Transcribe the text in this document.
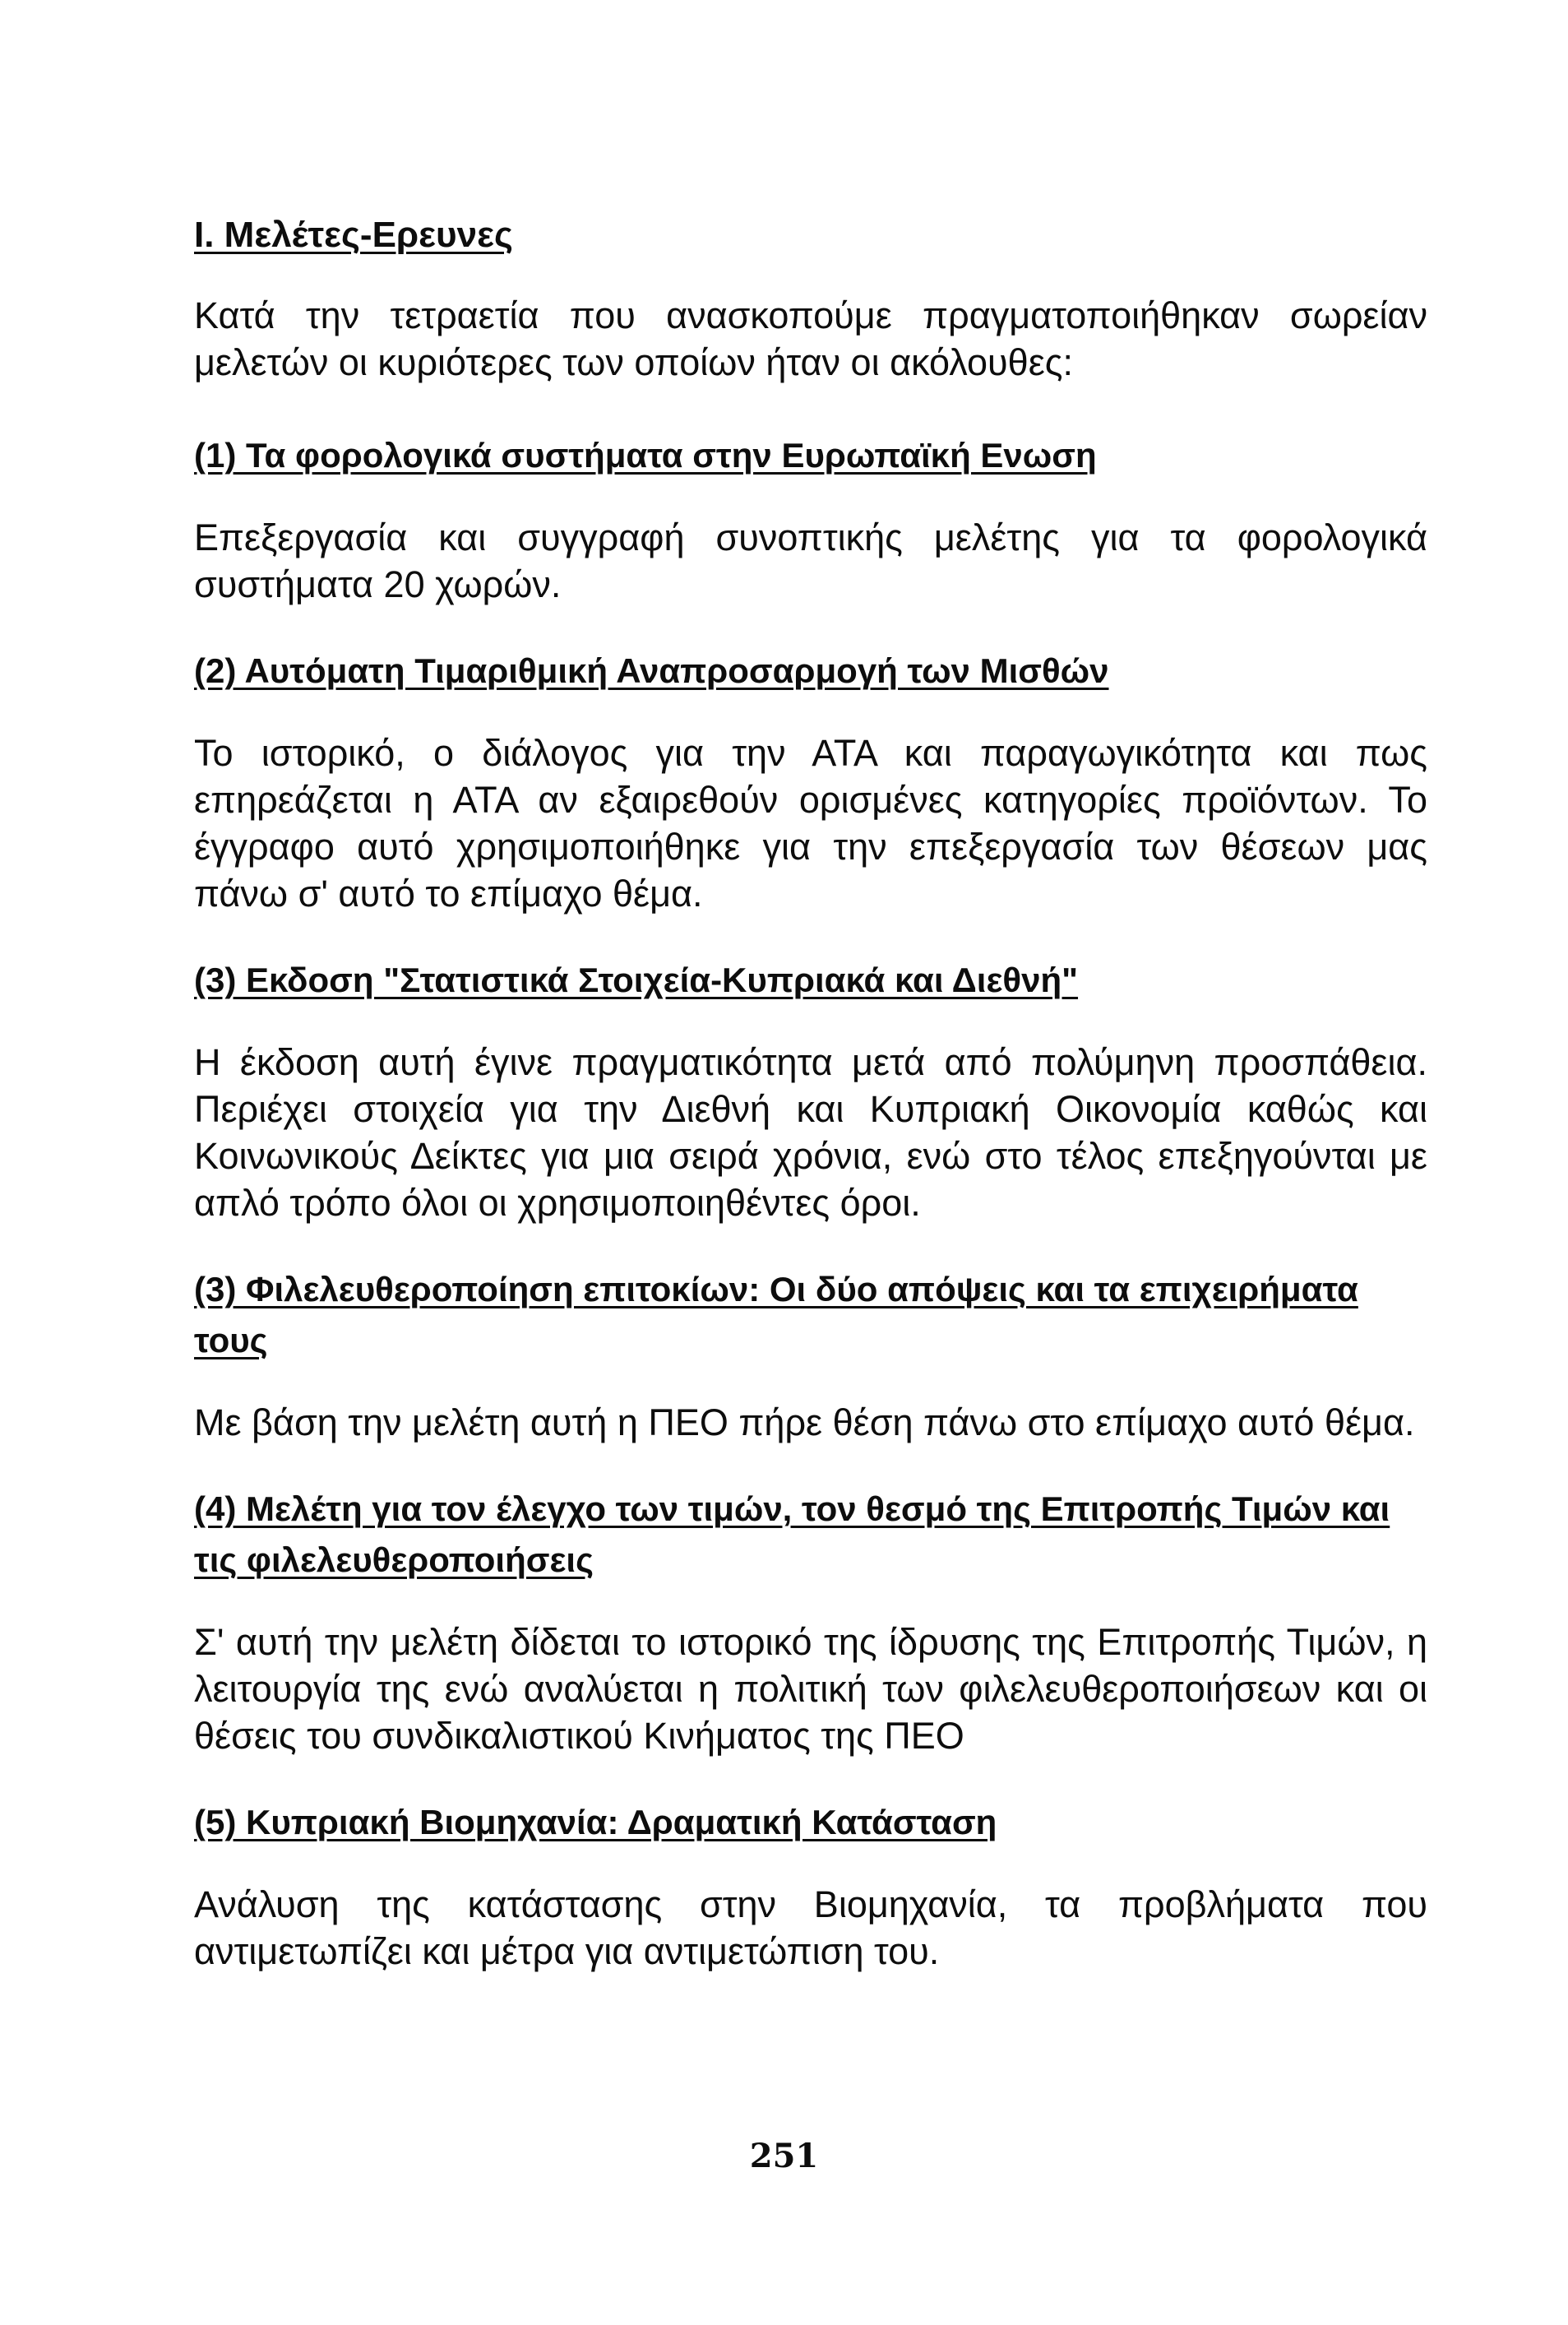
Ι. Μελέτες-Ερευνες

Κατά την τετραετία που ανασκοπούμε πραγματοποιήθηκαν σωρείαν μελετών οι κυριότερες των οποίων ήταν οι ακόλουθες:

(1) Τα φορολογικά συστήματα στην Ευρωπαϊκή Ενωση

Επεξεργασία και συγγραφή συνοπτικής μελέτης για τα φορολογικά συστήματα 20 χωρών.

(2) Αυτόματη Τιμαριθμική Αναπροσαρμογή των Μισθών

Το ιστορικό, ο διάλογος για την ΑΤΑ και παραγωγικότητα και πως επηρεάζεται η ΑΤΑ αν εξαιρεθούν ορισμένες κατηγορίες προϊόντων. Το έγγραφο αυτό χρησιμοποιήθηκε για την επεξεργασία των θέσεων μας πάνω σ' αυτό το επίμαχο θέμα.

(3) Εκδοση "Στατιστικά Στοιχεία-Κυπριακά και Διεθνή"

Η έκδοση αυτή έγινε πραγματικότητα μετά από πολύμηνη προσπάθεια. Περιέχει στοιχεία για την Διεθνή και Κυπριακή Οικονομία καθώς και Κοινωνικούς Δείκτες για μια σειρά χρόνια, ενώ στο τέλος επεξηγούνται με απλό τρόπο όλοι οι χρησιμοποιηθέντες όροι.

(3) Φιλελευθεροποίηση επιτοκίων: Οι δύο απόψεις και τα επιχειρήματα τους

Με βάση την μελέτη αυτή η ΠΕΟ πήρε θέση πάνω στο επίμαχο αυτό θέμα.

(4) Μελέτη για τον έλεγχο των τιμών, τον θεσμό της Επιτροπής Τιμών και τις φιλελευθεροποιήσεις

Σ' αυτή την μελέτη δίδεται το ιστορικό της ίδρυσης της Επιτροπής Τιμών, η λειτουργία της ενώ αναλύεται η πολιτική των φιλελευθεροποιήσεων και οι θέσεις του συνδικαλιστικού Κινήματος της ΠΕΟ

(5) Κυπριακή Βιομηχανία: Δραματική Κατάσταση

Ανάλυση της κατάστασης στην Βιομηχανία, τα προβλήματα που αντιμετωπίζει και μέτρα για αντιμετώπιση του.

251
